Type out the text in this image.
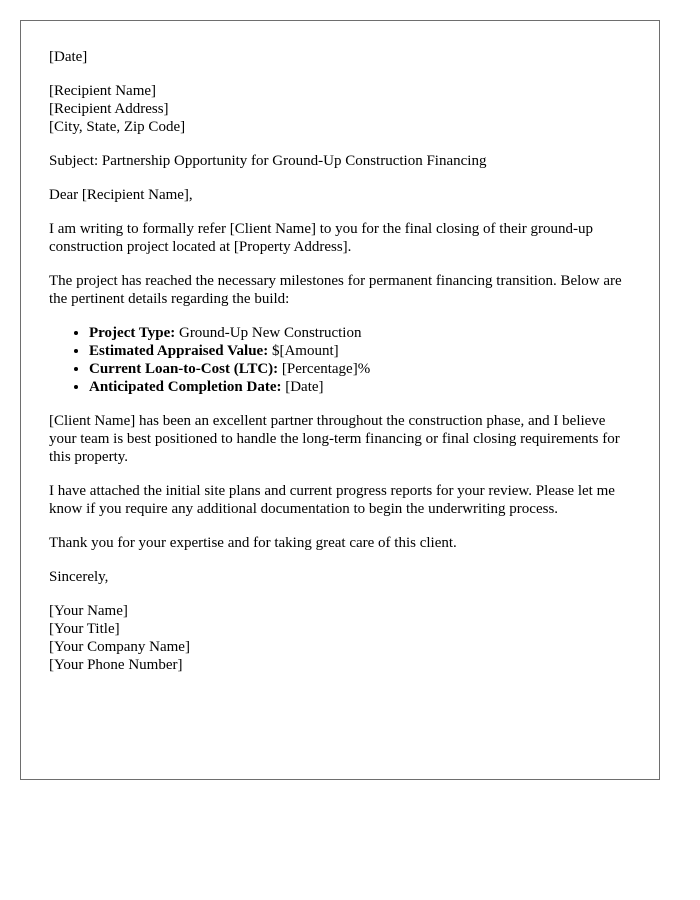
[Date]

[Recipient Name]
[Recipient Address]
[City, State, Zip Code]

Subject: Partnership Opportunity for Ground-Up Construction Financing

Dear [Recipient Name],

I am writing to formally refer [Client Name] to you for the final closing of their ground-up construction project located at [Property Address].

The project has reached the necessary milestones for permanent financing transition. Below are the pertinent details regarding the build:

• Project Type: Ground-Up New Construction
• Estimated Appraised Value: $[Amount]
• Current Loan-to-Cost (LTC): [Percentage]%
• Anticipated Completion Date: [Date]

[Client Name] has been an excellent partner throughout the construction phase, and I believe your team is best positioned to handle the long-term financing or final closing requirements for this property.

I have attached the initial site plans and current progress reports for your review. Please let me know if you require any additional documentation to begin the underwriting process.

Thank you for your expertise and for taking great care of this client.

Sincerely,

[Your Name]
[Your Title]
[Your Company Name]
[Your Phone Number]
